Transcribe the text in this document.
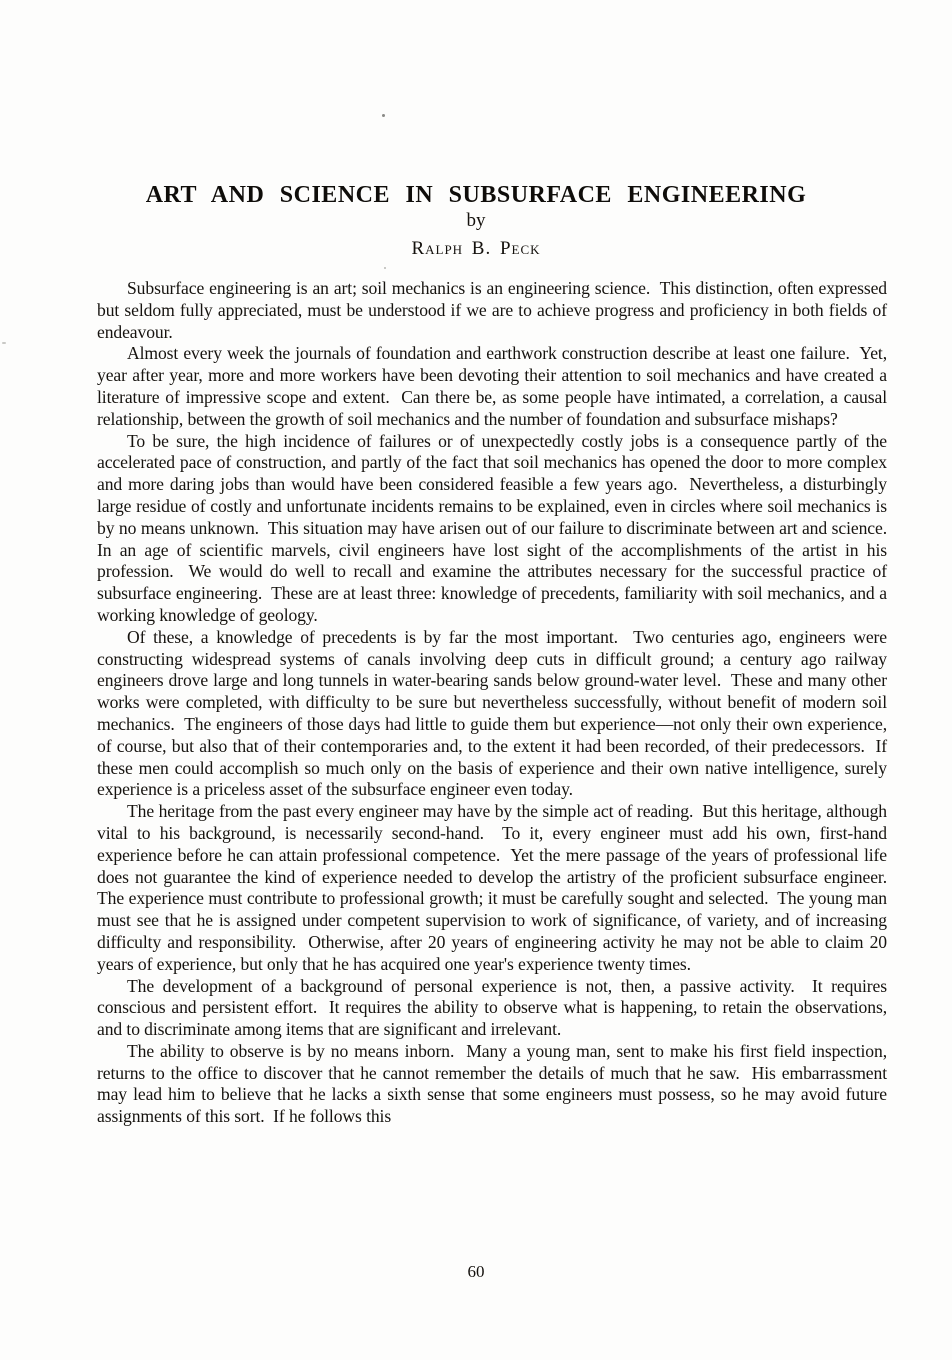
ART AND SCIENCE IN SUBSURFACE ENGINEERING
by
Ralph B. Peck

Subsurface engineering is an art; soil mechanics is an engineering science.  This distinction, often expressed but seldom fully appreciated, must be understood if we are to achieve progress and proficiency in both fields of endeavour.

Almost every week the journals of foundation and earthwork construction describe at least one failure.  Yet, year after year, more and more workers have been devoting their attention to soil mechanics and have created a literature of impressive scope and extent.  Can there be, as some people have intimated, a correlation, a causal relationship, between the growth of soil mechanics and the number of foundation and subsurface mishaps?

To be sure, the high incidence of failures or of unexpectedly costly jobs is a consequence partly of the accelerated pace of construction, and partly of the fact that soil mechanics has opened the door to more complex and more daring jobs than would have been considered feasible a few years ago.  Nevertheless, a disturbingly large residue of costly and unfortunate incidents remains to be explained, even in circles where soil mechanics is by no means unknown.  This situation may have arisen out of our failure to discriminate between art and science.  In an age of scientific marvels, civil engineers have lost sight of the accomplishments of the artist in his profession.  We would do well to recall and examine the attributes necessary for the successful practice of subsurface engineering.  These are at least three: knowledge of precedents, familiarity with soil mechanics, and a working knowledge of geology.

Of these, a knowledge of precedents is by far the most important.  Two centuries ago, engineers were constructing widespread systems of canals involving deep cuts in difficult ground; a century ago railway engineers drove large and long tunnels in water-bearing sands below ground-water level.  These and many other works were completed, with difficulty to be sure but nevertheless successfully, without benefit of modern soil mechanics.  The engineers of those days had little to guide them but experience—not only their own experience, of course, but also that of their contemporaries and, to the extent it had been recorded, of their predecessors.  If these men could accomplish so much only on the basis of experience and their own native intelligence, surely experience is a priceless asset of the subsurface engineer even today.

The heritage from the past every engineer may have by the simple act of reading.  But this heritage, although vital to his background, is necessarily second-hand.  To it, every engineer must add his own, first-hand experience before he can attain professional competence.  Yet the mere passage of the years of professional life does not guarantee the kind of experience needed to develop the artistry of the proficient subsurface engineer.  The experience must contribute to professional growth; it must be carefully sought and selected.  The young man must see that he is assigned under competent supervision to work of significance, of variety, and of increasing difficulty and responsibility.  Otherwise, after 20 years of engineering activity he may not be able to claim 20 years of experience, but only that he has acquired one year's experience twenty times.

The development of a background of personal experience is not, then, a passive activity.  It requires conscious and persistent effort.  It requires the ability to observe what is happening, to retain the observations, and to discriminate among items that are significant and irrelevant.

The ability to observe is by no means inborn.  Many a young man, sent to make his first field inspection, returns to the office to discover that he cannot remember the details of much that he saw.  His embarrassment may lead him to believe that he lacks a sixth sense that some engineers must possess, so he may avoid future assignments of this sort.  If he follows this

60
